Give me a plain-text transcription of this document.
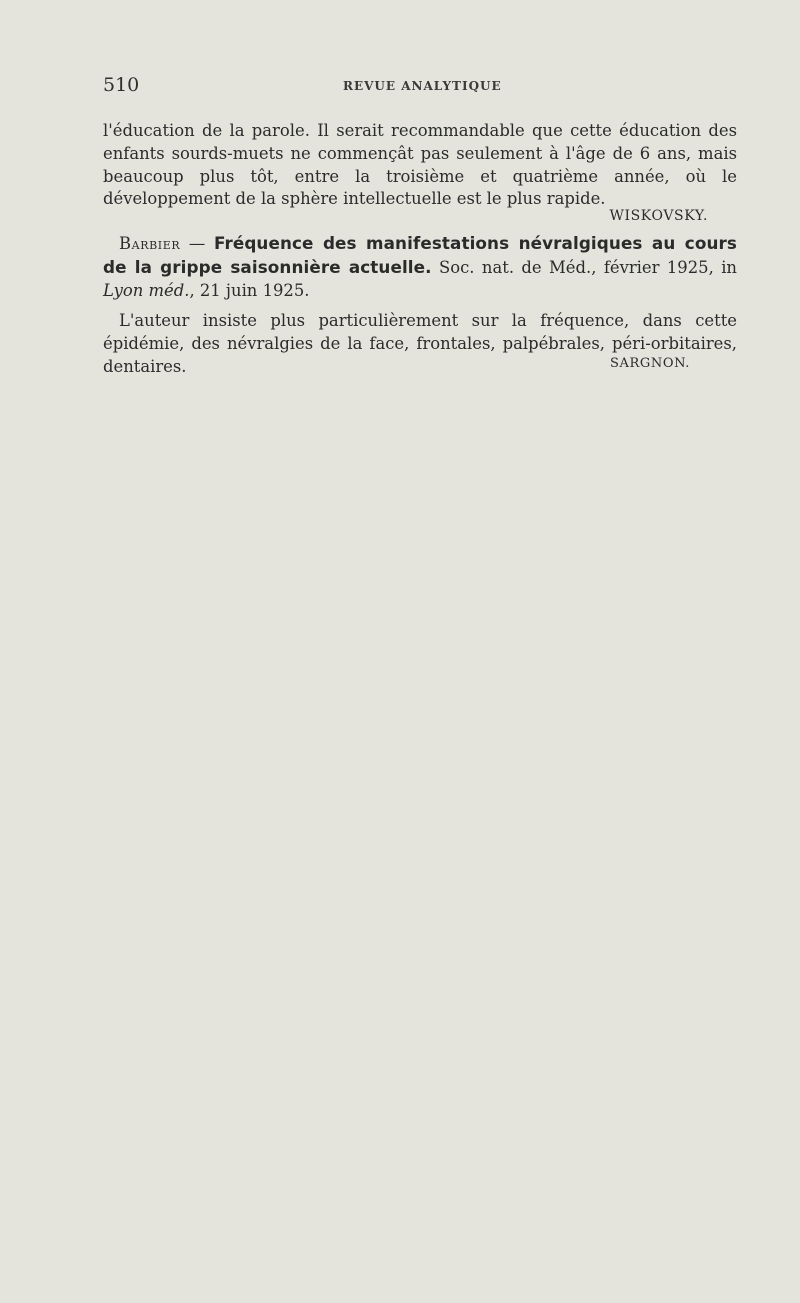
510	REVUE ANALYTIQUE
l'éducation de la parole. Il serait recommandable que cette éducation des enfants sourds-muets ne commençât pas seulement à l'âge de 6 ans, mais beaucoup plus tôt, entre la troisième et quatrième année, où le développement de la sphère intellectuelle est le plus rapide.
WISKOVSKY.
Barbier — Fréquence des manifestations névralgiques au cours de la grippe saisonnière actuelle. Soc. nat. de Méd., février 1925, in Lyon méd., 21 juin 1925.
L'auteur insiste plus particulièrement sur la fréquence, dans cette épidémie, des névralgies de la face, frontales, palpébrales, péri-orbitaires, dentaires.	SARGNON.
